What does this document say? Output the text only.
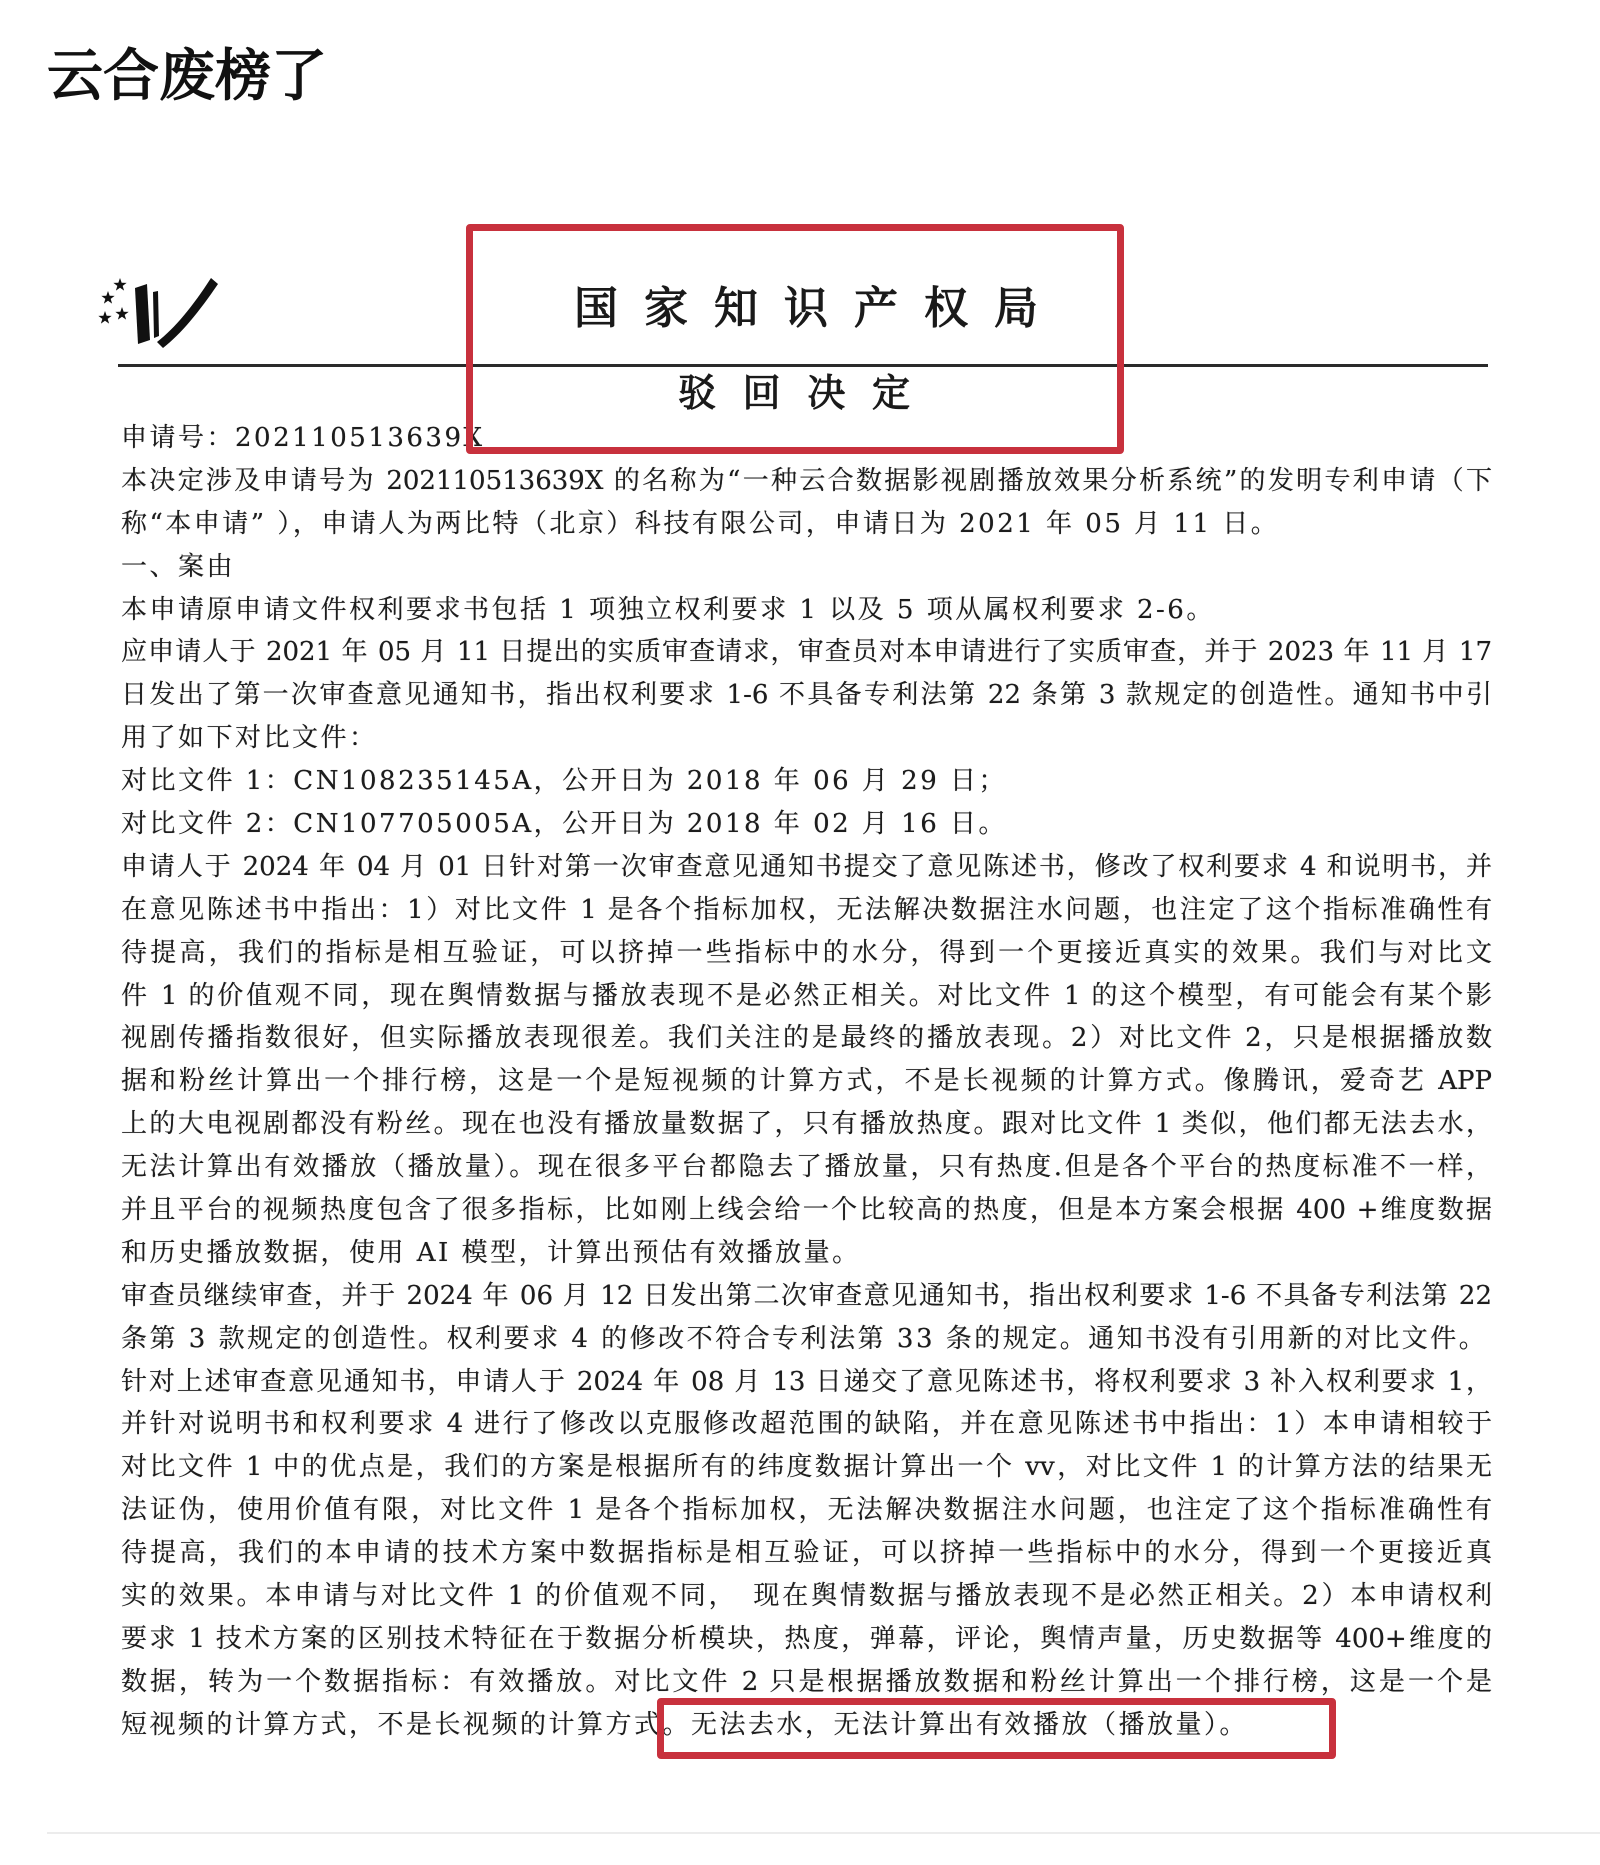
云合废榜了
国 家 知 识 产 权 局
驳 回 决 定
申请号：202110513639X
本决定涉及申请号为 202110513639X 的名称为“一种云合数据影视剧播放效果分析系统”的发明专利申请（下
称“本申请” ），申请人为两比特（北京）科技有限公司，申请日为 2021 年 05 月 11 日。
一、案由
本申请原申请文件权利要求书包括 1 项独立权利要求 1 以及 5 项从属权利要求 2-6。
应申请人于 2021 年 05 月 11 日提出的实质审查请求，审查员对本申请进行了实质审查，并于 2023 年 11 月 17
日发出了第一次审查意见通知书，指出权利要求 1-6 不具备专利法第 22 条第 3 款规定的创造性。通知书中引
用了如下对比文件：
对比文件 1：CN108235145A，公开日为 2018 年 06 月 29 日；
对比文件 2：CN107705005A，公开日为 2018 年 02 月 16 日。
申请人于 2024 年 04 月 01 日针对第一次审查意见通知书提交了意见陈述书，修改了权利要求 4 和说明书，并
在意见陈述书中指出：1）对比文件 1 是各个指标加权，无法解决数据注水问题，也注定了这个指标准确性有
待提高，我们的指标是相互验证，可以挤掉一些指标中的水分，得到一个更接近真实的效果。我们与对比文
件 1 的价值观不同，现在舆情数据与播放表现不是必然正相关。对比文件 1 的这个模型，有可能会有某个影
视剧传播指数很好，但实际播放表现很差。我们关注的是最终的播放表现。2）对比文件 2，只是根据播放数
据和粉丝计算出一个排行榜，这是一个是短视频的计算方式，不是长视频的计算方式。像腾讯，爱奇艺 APP
上的大电视剧都没有粉丝。现在也没有播放量数据了，只有播放热度。跟对比文件 1 类似，他们都无法去水，
无法计算出有效播放（播放量）。现在很多平台都隐去了播放量，只有热度.但是各个平台的热度标准不一样，
并且平台的视频热度包含了很多指标，比如刚上线会给一个比较高的热度，但是本方案会根据 400 +维度数据
和历史播放数据，使用 AI 模型，计算出预估有效播放量。
审查员继续审查，并于 2024 年 06 月 12 日发出第二次审查意见通知书，指出权利要求 1-6 不具备专利法第 22
条第 3 款规定的创造性。权利要求 4 的修改不符合专利法第 33 条的规定。通知书没有引用新的对比文件。
针对上述审查意见通知书，申请人于 2024 年 08 月 13 日递交了意见陈述书，将权利要求 3 补入权利要求 1，
并针对说明书和权利要求 4 进行了修改以克服修改超范围的缺陷，并在意见陈述书中指出：1）本申请相较于
对比文件 1 中的优点是，我们的方案是根据所有的纬度数据计算出一个 vv，对比文件 1 的计算方法的结果无
法证伪，使用价值有限，对比文件 1 是各个指标加权，无法解决数据注水问题，也注定了这个指标准确性有
待提高，我们的本申请的技术方案中数据指标是相互验证，可以挤掉一些指标中的水分，得到一个更接近真
实的效果。本申请与对比文件 1 的价值观不同，　现在舆情数据与播放表现不是必然正相关。2）本申请权利
要求 1 技术方案的区别技术特征在于数据分析模块，热度，弹幕，评论，舆情声量，历史数据等 400+维度的
数据，转为一个数据指标：有效播放。对比文件 2 只是根据播放数据和粉丝计算出一个排行榜，这是一个是
短视频的计算方式，不是长视频的计算方式。无法去水，无法计算出有效播放（播放量）。
